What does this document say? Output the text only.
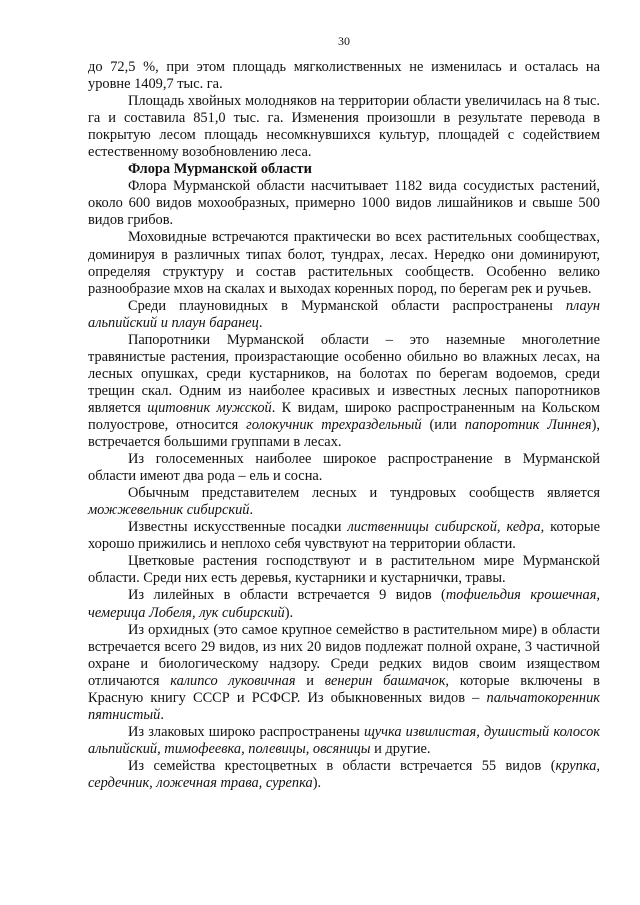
30

до 72,5 %, при этом площадь мягколиственных не изменилась и осталась на уровне 1409,7 тыс. га.

Площадь хвойных молодняков на территории области увеличилась на 8 тыс. га и составила 851,0 тыс. га. Изменения произошли в результате перевода в покрытую лесом площадь несомкнувшихся культур, площадей с содействием естественному возобновлению леса.

Флора Мурманской области

Флора Мурманской области насчитывает 1182 вида сосудистых растений, около 600 видов мохообразных, примерно 1000 видов лишайников и свыше 500 видов грибов.

Моховидные встречаются практически во всех растительных сообществах, доминируя в различных типах болот, тундрах, лесах. Нередко они доминируют, определяя структуру и состав растительных сообществ. Особенно велико разнообразие мхов на скалах и выходах коренных пород, по берегам рек и ручьев.

Среди плауновидных в Мурманской области распространены плаун альпийский и плаун баранец.

Папоротники Мурманской области – это наземные многолетние травянистые растения, произрастающие особенно обильно во влажных лесах, на лесных опушках, среди кустарников, на болотах по берегам водоемов, среди трещин скал. Одним из наиболее красивых и известных лесных папоротников является щитовник мужской. К видам, широко распространенным на Кольском полуострове, относится голокучник трехраздельный (или папоротник Линнея), встречается большими группами в лесах.

Из голосеменных наиболее широкое распространение в Мурманской области имеют два рода – ель и сосна.

Обычным представителем лесных и тундровых сообществ является можжевельник сибирский.

Известны искусственные посадки лиственницы сибирской, кедра, которые хорошо прижились и неплохо себя чувствуют на территории области.

Цветковые растения господствуют и в растительном мире Мурманской области. Среди них есть деревья, кустарники и кустарнички, травы.

Из лилейных в области встречается 9 видов (тофиельдия крошечная, чемерица Лобеля, лук сибирский).

Из орхидных (это самое крупное семейство в растительном мире) в области встречается всего 29 видов, из них 20 видов подлежат полной охране, 3 частичной охране и биологическому надзору. Среди редких видов своим изяществом отличаются калипсо луковичная и венерин башмачок, которые включены в Красную книгу СССР и РСФСР. Из обыкновенных видов – пальчатокоренник пятнистый.

Из злаковых широко распространены щучка извилистая, душистый колосок альпийский, тимофеевка, полевицы, овсяницы и другие.

Из семейства крестоцветных в области встречается 55 видов (крупка, сердечник, ложечная трава, сурепка).
